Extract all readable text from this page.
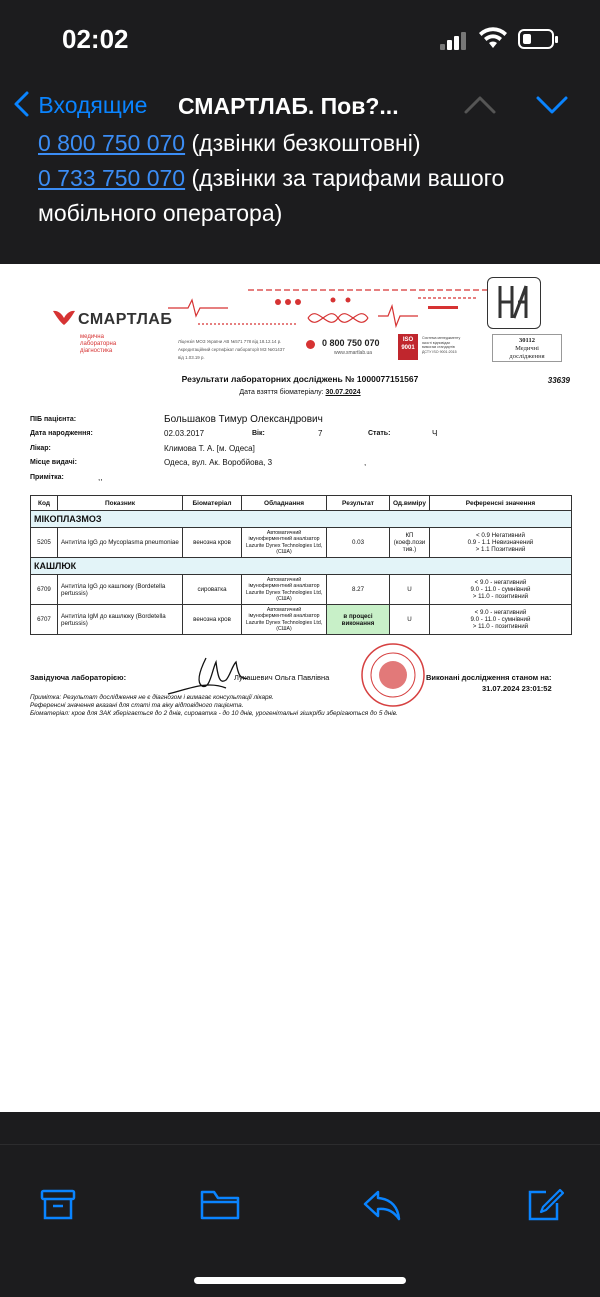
02:02
Входящие СМАРТЛАБ. Пов?...
0 800 750 070 (дзвінки безкоштовні)
0 733 750 070 (дзвінки за тарифами вашого мобільного оператора)
СМАРТЛАБ
медична лабораторна діагностика
Ліцензія МОЗ України АВ №571 778 від 18.12.14 р.
Акредитаційний сертифікат лабораторії МЗ №01437 від 1.03.19 р.
0 800 750 070
www.smartlab.ua
ISO 9001
Система менеджменту якості відповідає вимогам стандартів ДСТУ ISO 9001:2015
30112
Медичні
дослідження
Результати лабораторних досліджень № 1000077151567	33639
Дата взяття біоматеріалу: 30.07.2024
ПІБ пацієнта:	Большаков Тимур Олександрович
Дата народження:	02.03.2017	Вік:	7	Стать:	Ч
Лікар:	Климова Т. А. [м. Одеса]
Місце видачі:	Одеса, вул. Ак. Воробйова, 3	,
Примітка:	,,
Код	Показник	Біоматеріал	Обладнання	Результат	Од.виміру	Референсні значення
МІКОПЛАЗМОЗ						
5205	Антитіла IgG до Mycoplasma pneumoniae	венозна кров	Автоматичний імуноферментний аналізатор Lazurite Dynex Technologies Ltd, (США)	0.03	КП (коеф.пози тив.)	< 0.9 Негативний
0.9 - 1.1 Невизначений
> 1.1 Позитивний

КАШЛЮК						
6709	Антитіла IgG до кашлюку (Bordetella pertussis)	сироватка	Автоматичний імуноферментний аналізатор Lazurite Dynex Technologies Ltd, (США)	8.27	U	< 9.0 - негативний
9.0 - 11.0 - сумнівний
> 11.0 - позитивний

6707	Антитіла IgM до кашлюку (Bordetella pertussis)	венозна кров	Автоматичний імуноферментний аналізатор Lazurite Dynex Technologies Ltd, (США)	в процесі виконання	U	< 9.0 - негативний
9.0 - 11.0 - сумнівний
> 11.0 - позитивний
Завідуюча лабораторією:	Лукашевич Ольга Павлівна	Виконані дослідження станом на:
31.07.2024 23:01:52
Примітка: Результат дослідження не є діагнозом і вимагає консультації лікаря.
Референсні значення вказані для статі та віку відповідного пацієнта.
Біоматеріал: кров для ЗАК зберігається до 2 днів, сироватка - до 10 днів, урогенітальні зішкріби зберігаються до 5 днів.
